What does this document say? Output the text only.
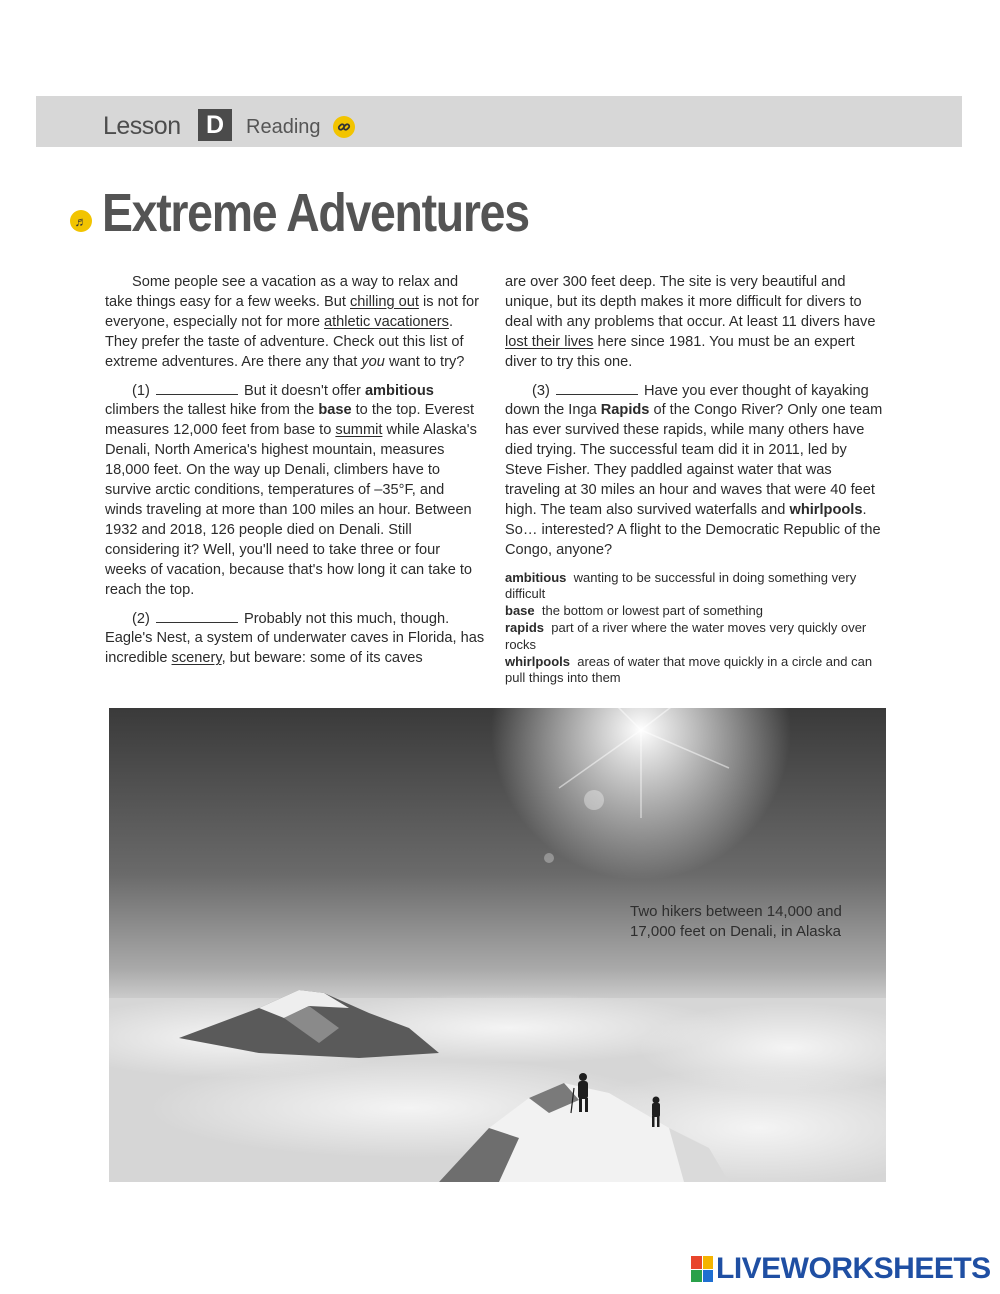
Lesson	D	Reading
♬ Extreme Adventures

Some people see a vacation as a way to relax and take things easy for a few weeks. But chilling out is not for everyone, especially not for more athletic vacationers. They prefer the taste of adventure. Check out this list of extreme adventures. Are there any that you want to try?

(1)	But it doesn't offer ambitious climbers the tallest hike from the base to the top. Everest measures 12,000 feet from base to summit while Alaska's Denali, North America's highest mountain, measures 18,000 feet. On the way up Denali, climbers have to survive arctic conditions, temperatures of –35°F, and winds traveling at more than 100 miles an hour. Between 1932 and 2018, 126 people died on Denali. Still considering it? Well, you'll need to take three or four weeks of vacation, because that's how long it can take to reach the top.

(2)	Probably not this much, though. Eagle's Nest, a system of underwater caves in Florida, has incredible scenery, but beware: some of its caves

are over 300 feet deep. The site is very beautiful and unique, but its depth makes it more difficult for divers to deal with any problems that occur. At least 11 divers have lost their lives here since 1981. You must be an expert diver to try this one.

(3)	Have you ever thought of kayaking down the Inga Rapids of the Congo River? Only one team has ever survived these rapids, while many others have died trying. The successful team did it in 2011, led by Steve Fisher. They paddled against water that was traveling at 30 miles an hour and waves that were 40 feet high. The team also survived waterfalls and whirlpools. So… interested? A flight to the Democratic Republic of the Congo, anyone?

ambitious wanting to be successful in doing something very difficult
base the bottom or lowest part of something
rapids part of a river where the water moves very quickly over rocks
whirlpools areas of water that move quickly in a circle and can pull things into them
Two hikers between 14,000 and
17,000 feet on Denali, in Alaska
LIVEWORKSHEETS
